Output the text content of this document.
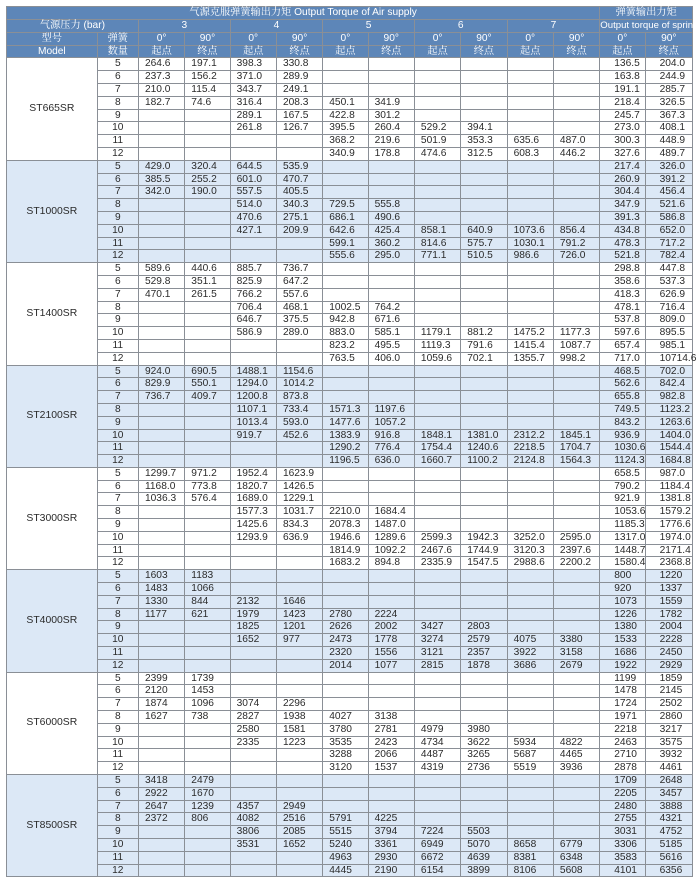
气源克服弹簧输出力矩 Output Torque of Air supply												弹簧输出力矩	
气源压力 (bar)		3		4		5		6		7		Output torque of spring	
型号	弹簧	0°	90°	0°	90°	0°	90°	0°	90°	0°	90°	0°	90°
Model	数量	起点	终点	起点	终点	起点	终点	起点	终点	起点	终点	起点	终点
ST665SR	5	264.6	197.1	398.3	330.8							136.5	204.0
	6	237.3	156.2	371.0	289.9							163.8	244.9
	7	210.0	115.4	343.7	249.1							191.1	285.7
	8	182.7	74.6	316.4	208.3	450.1	341.9					218.4	326.5
	9			289.1	167.5	422.8	301.2					245.7	367.3
	10			261.8	126.7	395.5	260.4	529.2	394.1			273.0	408.1
	11					368.2	219.6	501.9	353.3	635.6	487.0	300.3	448.9
	12					340.9	178.8	474.6	312.5	608.3	446.2	327.6	489.7
ST1000SR	5	429.0	320.4	644.5	535.9							217.4	326.0
	6	385.5	255.2	601.0	470.7							260.9	391.2
	7	342.0	190.0	557.5	405.5							304.4	456.4
	8			514.0	340.3	729.5	555.8					347.9	521.6
	9			470.6	275.1	686.1	490.6					391.3	586.8
	10			427.1	209.9	642.6	425.4	858.1	640.9	1073.6	856.4	434.8	652.0
	11					599.1	360.2	814.6	575.7	1030.1	791.2	478.3	717.2
	12					555.6	295.0	771.1	510.5	986.6	726.0	521.8	782.4
ST1400SR	5	589.6	440.6	885.7	736.7							298.8	447.8
	6	529.8	351.1	825.9	647.2							358.6	537.3
	7	470.1	261.5	766.2	557.6							418.3	626.9
	8			706.4	468.1	1002.5	764.2					478.1	716.4
	9			646.7	375.5	942.8	671.6					537.8	809.0
	10			586.9	289.0	883.0	585.1	1179.1	881.2	1475.2	1177.3	597.6	895.5
	11					823.2	495.5	1119.3	791.6	1415.4	1087.7	657.4	985.1
	12					763.5	406.0	1059.6	702.1	1355.7	998.2	717.0	10714.6
ST2100SR	5	924.0	690.5	1488.1	1154.6							468.5	702.0
	6	829.9	550.1	1294.0	1014.2							562.6	842.4
	7	736.7	409.7	1200.8	873.8							655.8	982.8
	8			1107.1	733.4	1571.3	1197.6					749.5	1123.2
	9			1013.4	593.0	1477.6	1057.2					843.2	1263.6
	10			919.7	452.6	1383.9	916.8	1848.1	1381.0	2312.2	1845.1	936.9	1404.0
	11					1290.2	776.4	1754.4	1240.6	2218.5	1704.7	1030.6	1544.4
	12					1196.5	636.0	1660.7	1100.2	2124.8	1564.3	1124.3	1684.8
ST3000SR	5	1299.7	971.2	1952.4	1623.9							658.5	987.0
	6	1168.0	773.8	1820.7	1426.5							790.2	1184.4
	7	1036.3	576.4	1689.0	1229.1							921.9	1381.8
	8			1577.3	1031.7	2210.0	1684.4					1053.6	1579.2
	9			1425.6	834.3	2078.3	1487.0					1185.3	1776.6
	10			1293.9	636.9	1946.6	1289.6	2599.3	1942.3	3252.0	2595.0	1317.0	1974.0
	11					1814.9	1092.2	2467.6	1744.9	3120.3	2397.6	1448.7	2171.4
	12					1683.2	894.8	2335.9	1547.5	2988.6	2200.2	1580.4	2368.8
ST4000SR	5	1603	1183									800	1220
	6	1483	1066									920	1337
	7	1330	844	2132	1646							1073	1559
	8	1177	621	1979	1423	2780	2224					1226	1782
	9			1825	1201	2626	2002	3427	2803			1380	2004
	10			1652	977	2473	1778	3274	2579	4075	3380	1533	2228
	11					2320	1556	3121	2357	3922	3158	1686	2450
	12					2014	1077	2815	1878	3686	2679	1922	2929
ST6000SR	5	2399	1739									1199	1859
	6	2120	1453									1478	2145
	7	1874	1096	3074	2296							1724	2502
	8	1627	738	2827	1938	4027	3138					1971	2860
	9			2580	1581	3780	2781	4979	3980			2218	3217
	10			2335	1223	3535	2423	4734	3622	5934	4822	2463	3575
	11					3288	2066	4487	3265	5687	4465	2710	3932
	12					3120	1537	4319	2736	5519	3936	2878	4461
ST8500SR	5	3418	2479									1709	2648
	6	2922	1670									2205	3457
	7	2647	1239	4357	2949							2480	3888
	8	2372	806	4082	2516	5791	4225					2755	4321
	9			3806	2085	5515	3794	7224	5503			3031	4752
	10			3531	1652	5240	3361	6949	5070	8658	6779	3306	5185
	11					4963	2930	6672	4639	8381	6348	3583	5616
	12					4445	2190	6154	3899	8106	5608	4101	6356
